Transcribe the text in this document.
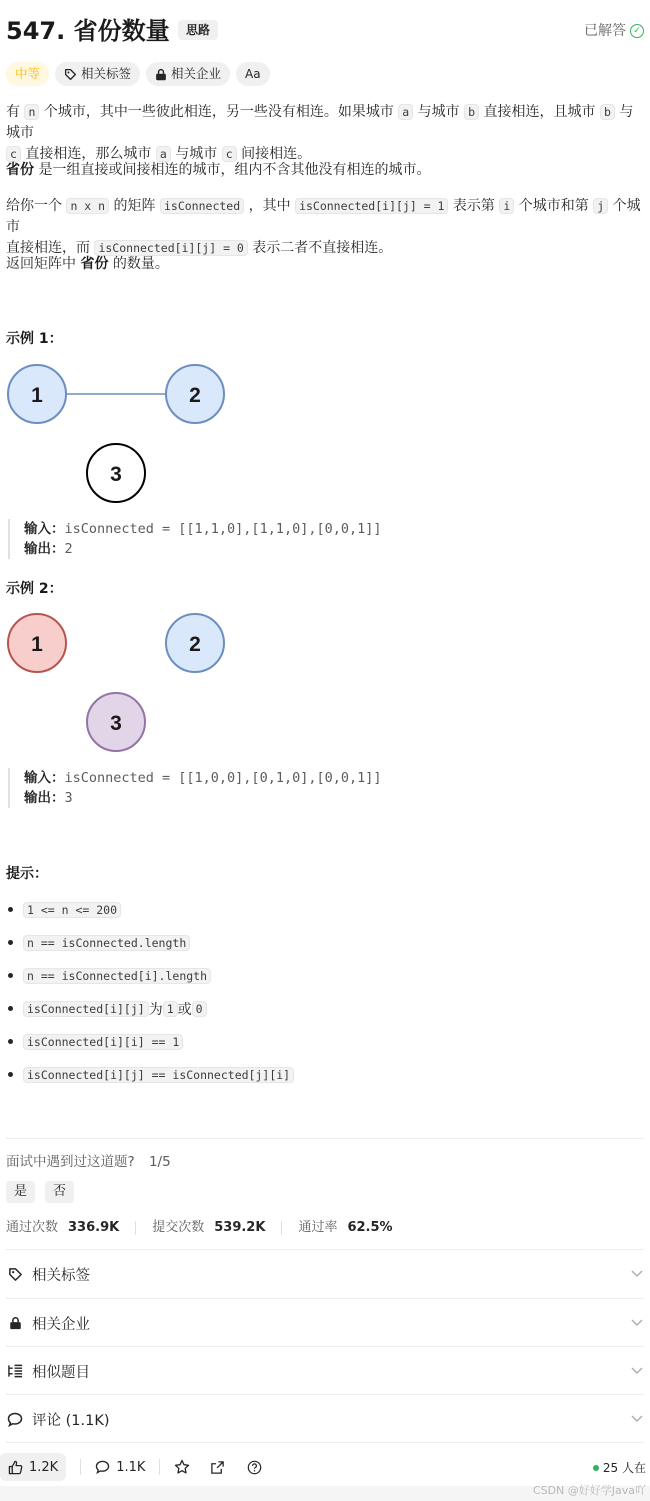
547. 省份数量	思路	已解答 ✓
中等	相关标签	相关企业 Aa
有 n 个城市，其中一些彼此相连，另一些没有相连。如果城市 a 与城市 b 直接相连，且城市 b 与城市
c 直接相连，那么城市 a 与城市 c 间接相连。
省份 是一组直接或间接相连的城市，组内不含其他没有相连的城市。
给你一个 n x n 的矩阵 isConnected ，其中 isConnected[i][j] = 1 表示第 i 个城市和第 j 个城市
直接相连，而 isConnected[i][j] = 0 表示二者不直接相连。
返回矩阵中 省份 的数量。
示例 1：
1	2
3
输入：isConnected = [[1,1,0],[1,1,0],[0,0,1]]
输出：2
示例 2：
1	2
3
输入：isConnected = [[1,0,0],[0,1,0],[0,0,1]]
输出：3
提示：
1 <= n <= 200
n == isConnected.length
n == isConnected[i].length
isConnected[i][j] 为 1 或 0
isConnected[i][i] == 1
isConnected[i][j] == isConnected[j][i]
面试中遇到过这道题? 1/5
是	否
通过次数 336.9K	提交次数 539.2K	通过率 62.5%
相关标签
相关企业
相似题目
评论 (1.1K)
1.2K	1.1K	25 人在
CSDN @好好学Java吖
